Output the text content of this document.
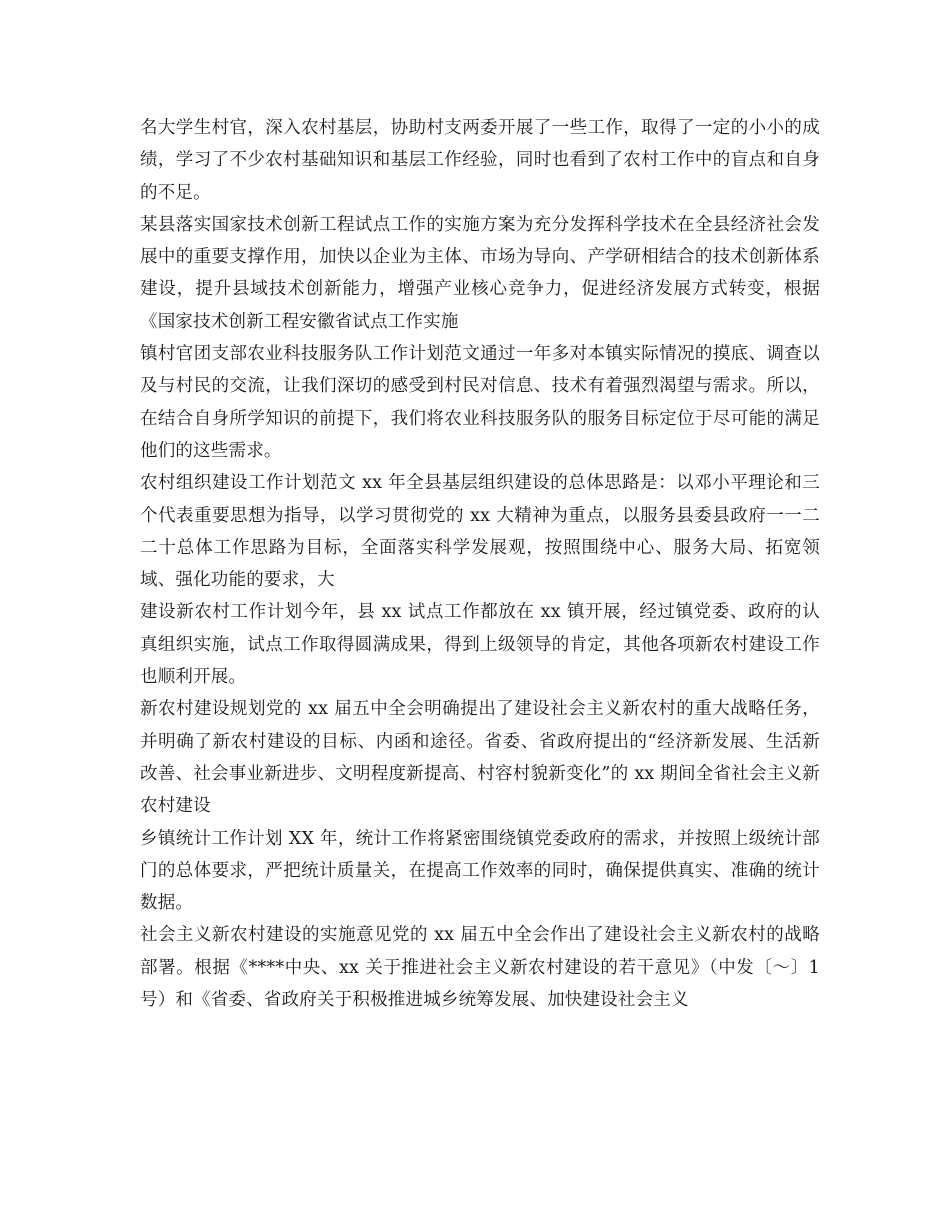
名大学生村官，深入农村基层，协助村支两委开展了一些工作，取得了一定的小小的成绩，学习了不少农村基础知识和基层工作经验，同时也看到了农村工作中的盲点和自身的不足。

某县落实国家技术创新工程试点工作的实施方案为充分发挥科学技术在全县经济社会发展中的重要支撑作用，加快以企业为主体、市场为导向、产学研相结合的技术创新体系建设，提升县域技术创新能力，增强产业核心竞争力，促进经济发展方式转变，根据《国家技术创新工程安徽省试点工作实施

镇村官团支部农业科技服务队工作计划范文通过一年多对本镇实际情况的摸底、调查以及与村民的交流，让我们深切的感受到村民对信息、技术有着强烈渴望与需求。所以，在结合自身所学知识的前提下，我们将农业科技服务队的服务目标定位于尽可能的满足他们的这些需求。

农村组织建设工作计划范文 xx 年全县基层组织建设的总体思路是：以邓小平理论和三个代表重要思想为指导，以学习贯彻党的 xx 大精神为重点，以服务县委县政府一一二二十总体工作思路为目标，全面落实科学发展观，按照围绕中心、服务大局、拓宽领域、强化功能的要求，大

建设新农村工作计划今年，县 xx 试点工作都放在 xx 镇开展，经过镇党委、政府的认真组织实施，试点工作取得圆满成果，得到上级领导的肯定，其他各项新农村建设工作也顺利开展。

新农村建设规划党的 xx 届五中全会明确提出了建设社会主义新农村的重大战略任务，并明确了新农村建设的目标、内函和途径。省委、省政府提出的“经济新发展、生活新改善、社会事业新进步、文明程度新提高、村容村貌新变化”的 xx 期间全省社会主义新农村建设

乡镇统计工作计划 XX 年，统计工作将紧密围绕镇党委政府的需求，并按照上级统计部门的总体要求，严把统计质量关，在提高工作效率的同时，确保提供真实、准确的统计数据。

社会主义新农村建设的实施意见党的 xx 届五中全会作出了建设社会主义新农村的战略部署。根据《****中央、xx 关于推进社会主义新农村建设的若干意见》（中发〔～〕1 号）和《省委、省政府关于积极推进城乡统筹发展、加快建设社会主义
